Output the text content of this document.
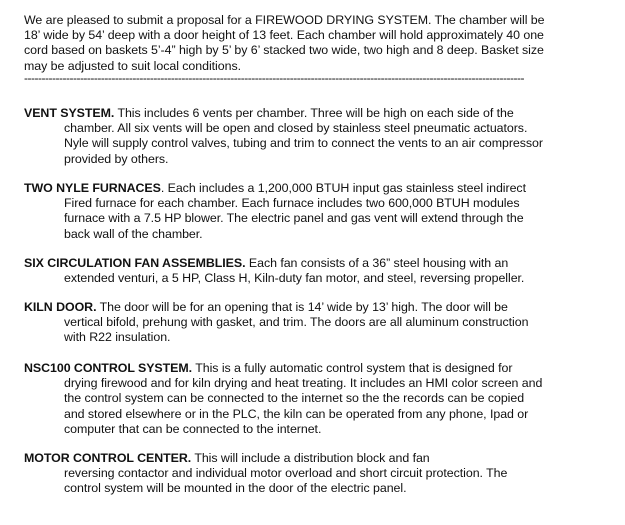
We are pleased to submit a proposal for a FIREWOOD DRYING SYSTEM. The chamber will be
18’ wide by 54’ deep with a door height of 13 feet. Each chamber will hold approximately 40 one
cord based on baskets 5’-4” high by 5’ by 6’ stacked two wide, two high and 8 deep. Basket size
may be adjusted to suit local conditions.

-----------------------------------------------------------------------------------------------------------------------------------------------

VENT SYSTEM. This includes 6 vents per chamber. Three will be high on each side of the
chamber. All six vents will be open and closed by stainless steel pneumatic actuators.
Nyle will supply control valves, tubing and trim to connect the vents to an air compressor
provided by others.

TWO NYLE FURNACES. Each includes a 1,200,000 BTUH input gas stainless steel indirect
Fired furnace for each chamber. Each furnace includes two 600,000 BTUH modules
furnace with a 7.5 HP blower. The electric panel and gas vent will extend through the
back wall of the chamber.

SIX CIRCULATION FAN ASSEMBLIES. Each fan consists of a 36” steel housing with an
extended venturi, a 5 HP, Class H, Kiln-duty fan motor, and steel, reversing propeller.

KILN DOOR. The door will be for an opening that is 14’ wide by 13’ high. The door will be
vertical bifold, prehung with gasket, and trim. The doors are all aluminum construction
with R22 insulation.

NSC100 CONTROL SYSTEM. This is a fully automatic control system that is designed for
drying firewood and for kiln drying and heat treating. It includes an HMI color screen and
the control system can be connected to the internet so the the records can be copied
and stored elsewhere or in the PLC, the kiln can be operated from any phone, Ipad or
computer that can be connected to the internet.

MOTOR CONTROL CENTER. This will include a distribution block and fan
reversing contactor and individual motor overload and short circuit protection. The
control system will be mounted in the door of the electric panel.
